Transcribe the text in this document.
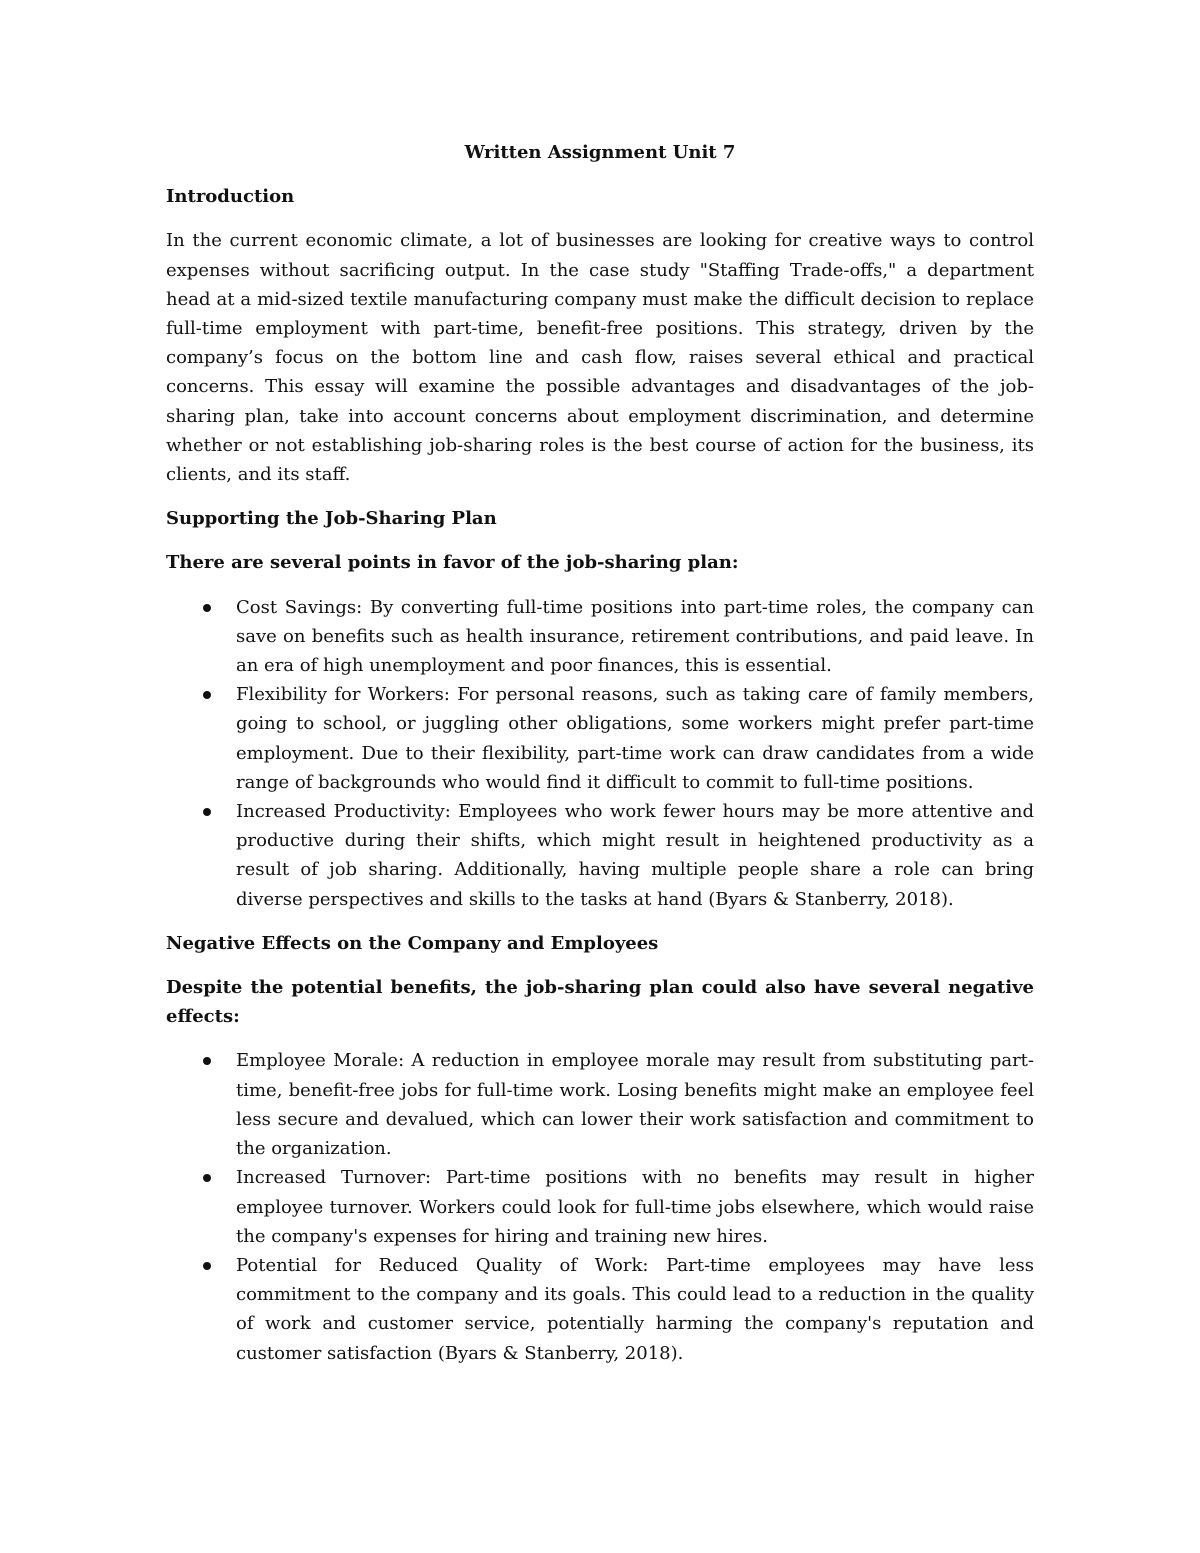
Written Assignment Unit 7
Introduction
In the current economic climate, a lot of businesses are looking for creative ways to control expenses without sacrificing output. In the case study "Staffing Trade-offs," a department head at a mid-sized textile manufacturing company must make the difficult decision to replace full-time employment with part-time, benefit-free positions. This strategy, driven by the company’s focus on the bottom line and cash flow, raises several ethical and practical concerns. This essay will examine the possible advantages and disadvantages of the job-sharing plan, take into account concerns about employment discrimination, and determine whether or not establishing job-sharing roles is the best course of action for the business, its clients, and its staff.
Supporting the Job-Sharing Plan
There are several points in favor of the job-sharing plan:
Cost Savings: By converting full-time positions into part-time roles, the company can save on benefits such as health insurance, retirement contributions, and paid leave. In an era of high unemployment and poor finances, this is essential.
Flexibility for Workers: For personal reasons, such as taking care of family members, going to school, or juggling other obligations, some workers might prefer part-time employment. Due to their flexibility, part-time work can draw candidates from a wide range of backgrounds who would find it difficult to commit to full-time positions.
Increased Productivity: Employees who work fewer hours may be more attentive and productive during their shifts, which might result in heightened productivity as a result of job sharing. Additionally, having multiple people share a role can bring diverse perspectives and skills to the tasks at hand (Byars & Stanberry, 2018).
Negative Effects on the Company and Employees
Despite the potential benefits, the job-sharing plan could also have several negative effects:
Employee Morale: A reduction in employee morale may result from substituting part-time, benefit-free jobs for full-time work. Losing benefits might make an employee feel less secure and devalued, which can lower their work satisfaction and commitment to the organization.
Increased Turnover: Part-time positions with no benefits may result in higher employee turnover. Workers could look for full-time jobs elsewhere, which would raise the company's expenses for hiring and training new hires.
Potential for Reduced Quality of Work: Part-time employees may have less commitment to the company and its goals. This could lead to a reduction in the quality of work and customer service, potentially harming the company's reputation and customer satisfaction (Byars & Stanberry, 2018).
